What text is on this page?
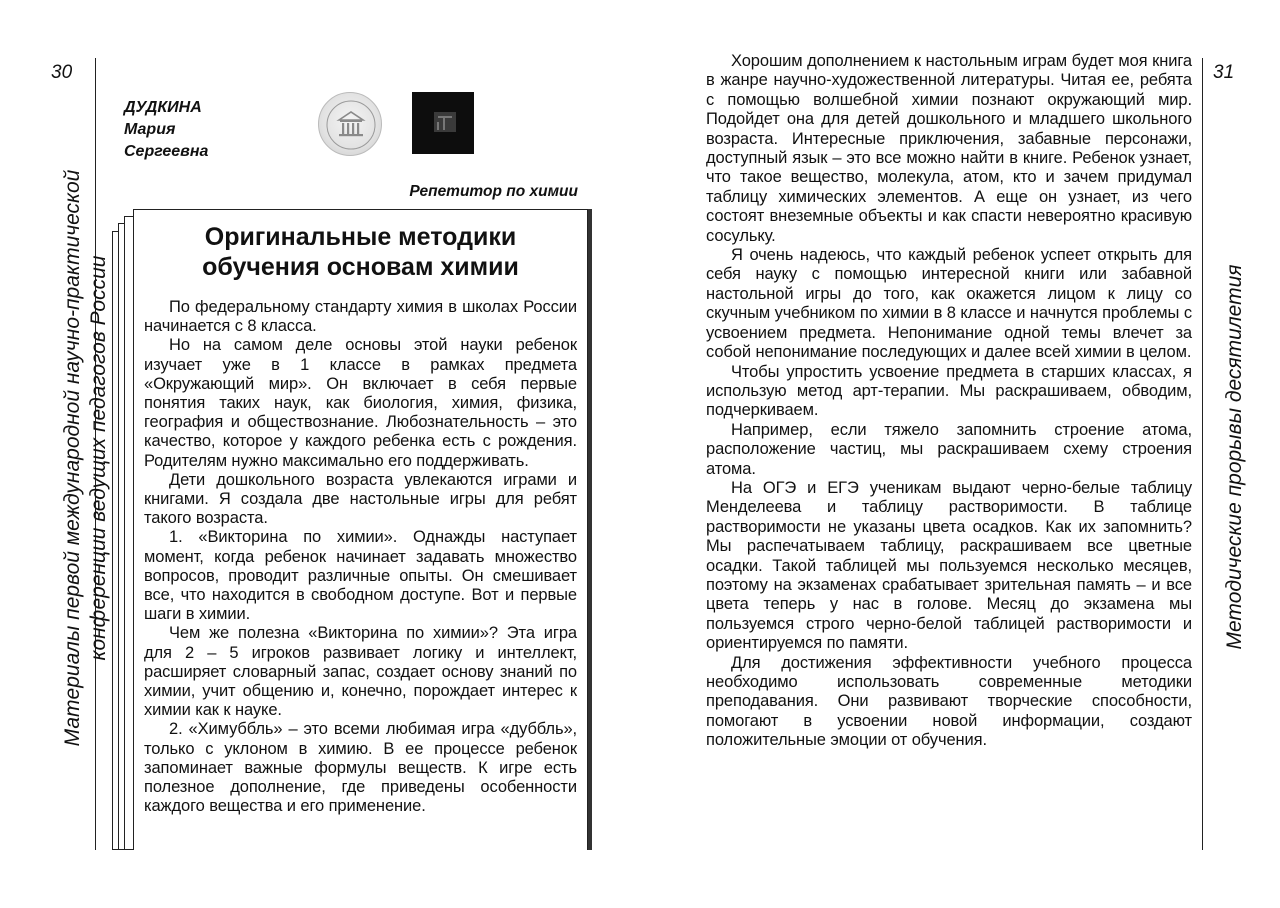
30
Материалы первой международной научно-практической конференции ведущих педагогов России
ДУДКИНА
Мария
Сергеевна
Репетитор по химии
Оригинальные методики
обучения основам химии

По федеральному стандарту химия в школах России начинается с 8 класса.

Но на самом деле основы этой науки ребенок изучает уже в 1 классе в рамках предмета «Окружающий мир». Он включает в себя первые понятия таких наук, как биология, химия, физика, география и обществознание. Любознательность – это качество, которое у каждого ребенка есть с рождения. Родителям нужно максимально его поддерживать.

Дети дошкольного возраста увлекаются играми и книгами. Я создала две настольные игры для ребят такого возраста.

1. «Викторина по химии». Однажды наступает момент, когда ребенок начинает задавать множество вопросов, проводит различные опыты. Он смешивает все, что находится в свободном доступе. Вот и первые шаги в химии.

Чем же полезна «Викторина по химии»? Эта игра для 2 – 5 игроков развивает логику и интеллект, расширяет словарный запас, создает основу знаний по химии, учит общению и, конечно, порождает интерес к химии как к науке.

2. «Химуббль» – это всеми любимая игра «дуббль», только с уклоном в химию. В ее процессе ребенок запоминает важные формулы веществ. К игре есть полезное дополнение, где приведены особенности каждого вещества и его применение.

Хорошим дополнением к настольным играм будет моя книга в жанре научно-художественной литературы. Читая ее, ребята с помощью волшебной химии познают окружающий мир. Подойдет она для детей дошкольного и младшего школьного возраста. Интересные приключения, забавные персонажи, доступный язык – это все можно найти в книге. Ребенок узнает, что такое вещество, молекула, атом, кто и зачем придумал таблицу химических элементов. А еще он узнает, из чего состоят внеземные объекты и как спасти невероятно красивую сосульку.

Я очень надеюсь, что каждый ребенок успеет открыть для себя науку с помощью интересной книги или забавной настольной игры до того, как окажется лицом к лицу со скучным учебником по химии в 8 классе и начнутся проблемы с усвоением предмета. Непонимание одной темы влечет за собой непонимание последующих и далее всей химии в целом.

Чтобы упростить усвоение предмета в старших классах, я использую метод арт-терапии. Мы раскрашиваем, обводим, подчеркиваем.

Например, если тяжело запомнить строение атома, расположение частиц, мы раскрашиваем схему строения атома.

На ОГЭ и ЕГЭ ученикам выдают черно-белые таблицу Менделеева и таблицу растворимости. В таблице растворимости не указаны цвета осадков. Как их запомнить? Мы распечатываем таблицу, раскрашиваем все цветные осадки. Такой таблицей мы пользуемся несколько месяцев, поэтому на экзаменах срабатывает зрительная память – и все цвета теперь у нас в голове. Месяц до экзамена мы пользуемся строго черно-белой таблицей растворимости и ориентируемся по памяти.

Для достижения эффективности учебного процесса необходимо использовать современные методики преподавания. Они развивают творческие способности, помогают в усвоении новой информации, создают положительные эмоции от обучения.

31
Методические прорывы десятилетия
